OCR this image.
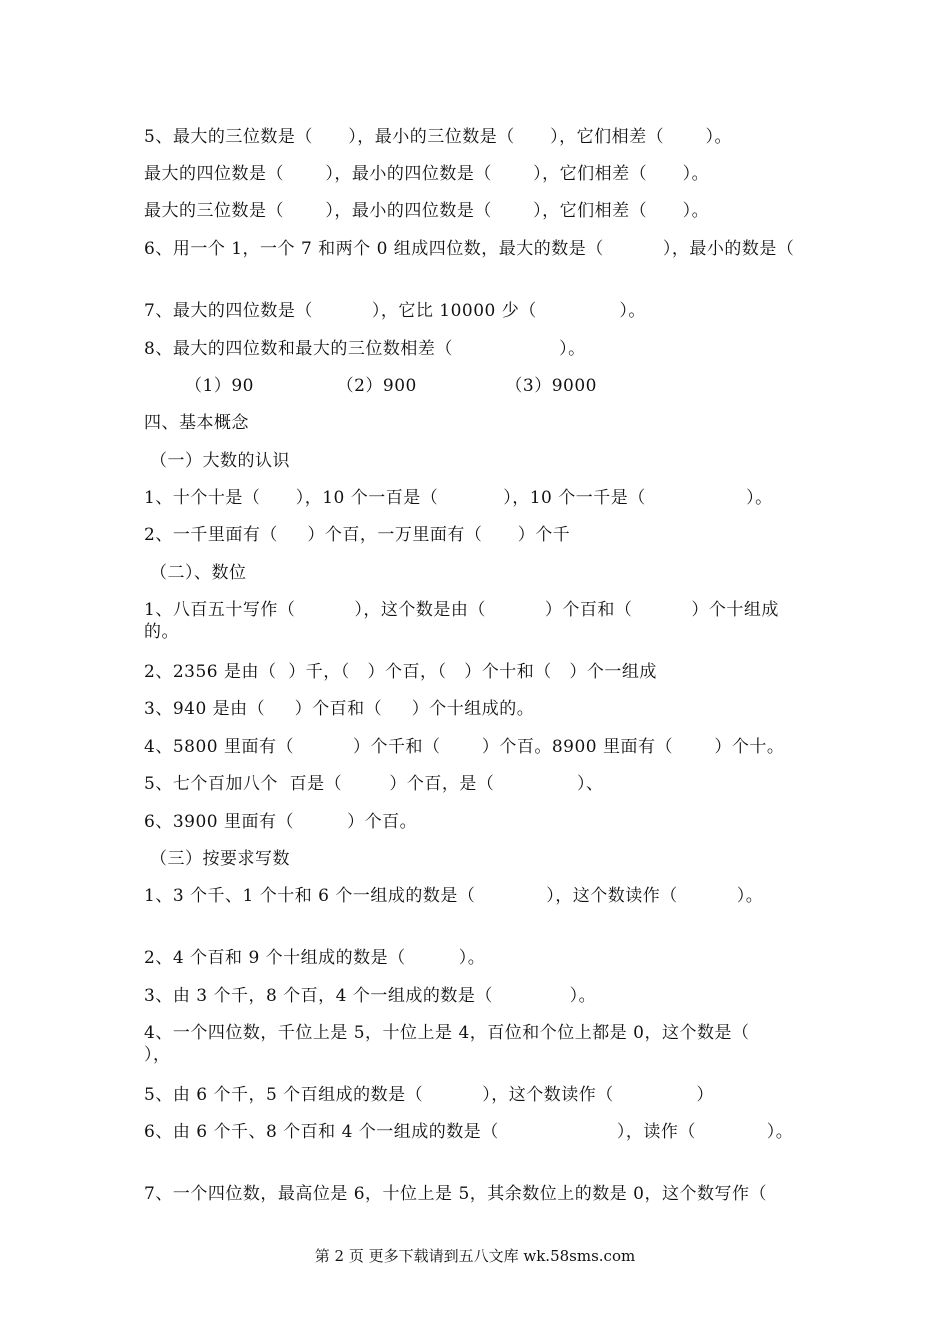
5、最大的三位数是（      ），最小的三位数是（      ），它们相差（       ）。
最大的四位数是（       ），最小的四位数是（       ），它们相差（      ）。
最大的三位数是（       ），最小的四位数是（       ），它们相差（      ）。
6、用一个 1，一个 7 和两个 0 组成四位数，最大的数是（          ），最小的数是（
7、最大的四位数是（          ），它比 10000 少（              ）。
8、最大的四位数和最大的三位数相差（                  ）。
（1）90              （2）900               （3）9000
四、基本概念
（一）大数的认识
1、十个十是（      ），10 个一百是（           ），10 个一千是（                 ）。
2、一千里面有（     ）个百，一万里面有（      ）个千
（二）、数位
1、八百五十写作（          ），这个数是由（          ）个百和（          ）个十组成的。
2、2356 是由（  ）千，（   ）个百，（   ）个十和（   ）个一组成
3、940 是由（     ）个百和（     ）个十组成的。
4、5800 里面有（          ）个千和（       ）个百。8900 里面有（       ）个十。
5、七个百加八个  百是（        ）个百，是（              ）、
6、3900 里面有（         ）个百。
（三）按要求写数
1、3 个千、1 个十和 6 个一组成的数是（            ），这个数读作（          ）。
2、4 个百和 9 个十组成的数是（         ）。
3、由 3 个千，8 个百，4 个一组成的数是（             ）。
4、一个四位数，千位上是 5，十位上是 4，百位和个位上都是 0，这个数是（          ），
5、由 6 个千，5 个百组成的数是（          ），这个数读作（              ）
6、由 6 个千、8 个百和 4 个一组成的数是（                    ），读作（            ）。
7、一个四位数，最高位是 6，十位上是 5，其余数位上的数是 0，这个数写作（
第 2 页 更多下载请到五八文库 wk.58sms.com
